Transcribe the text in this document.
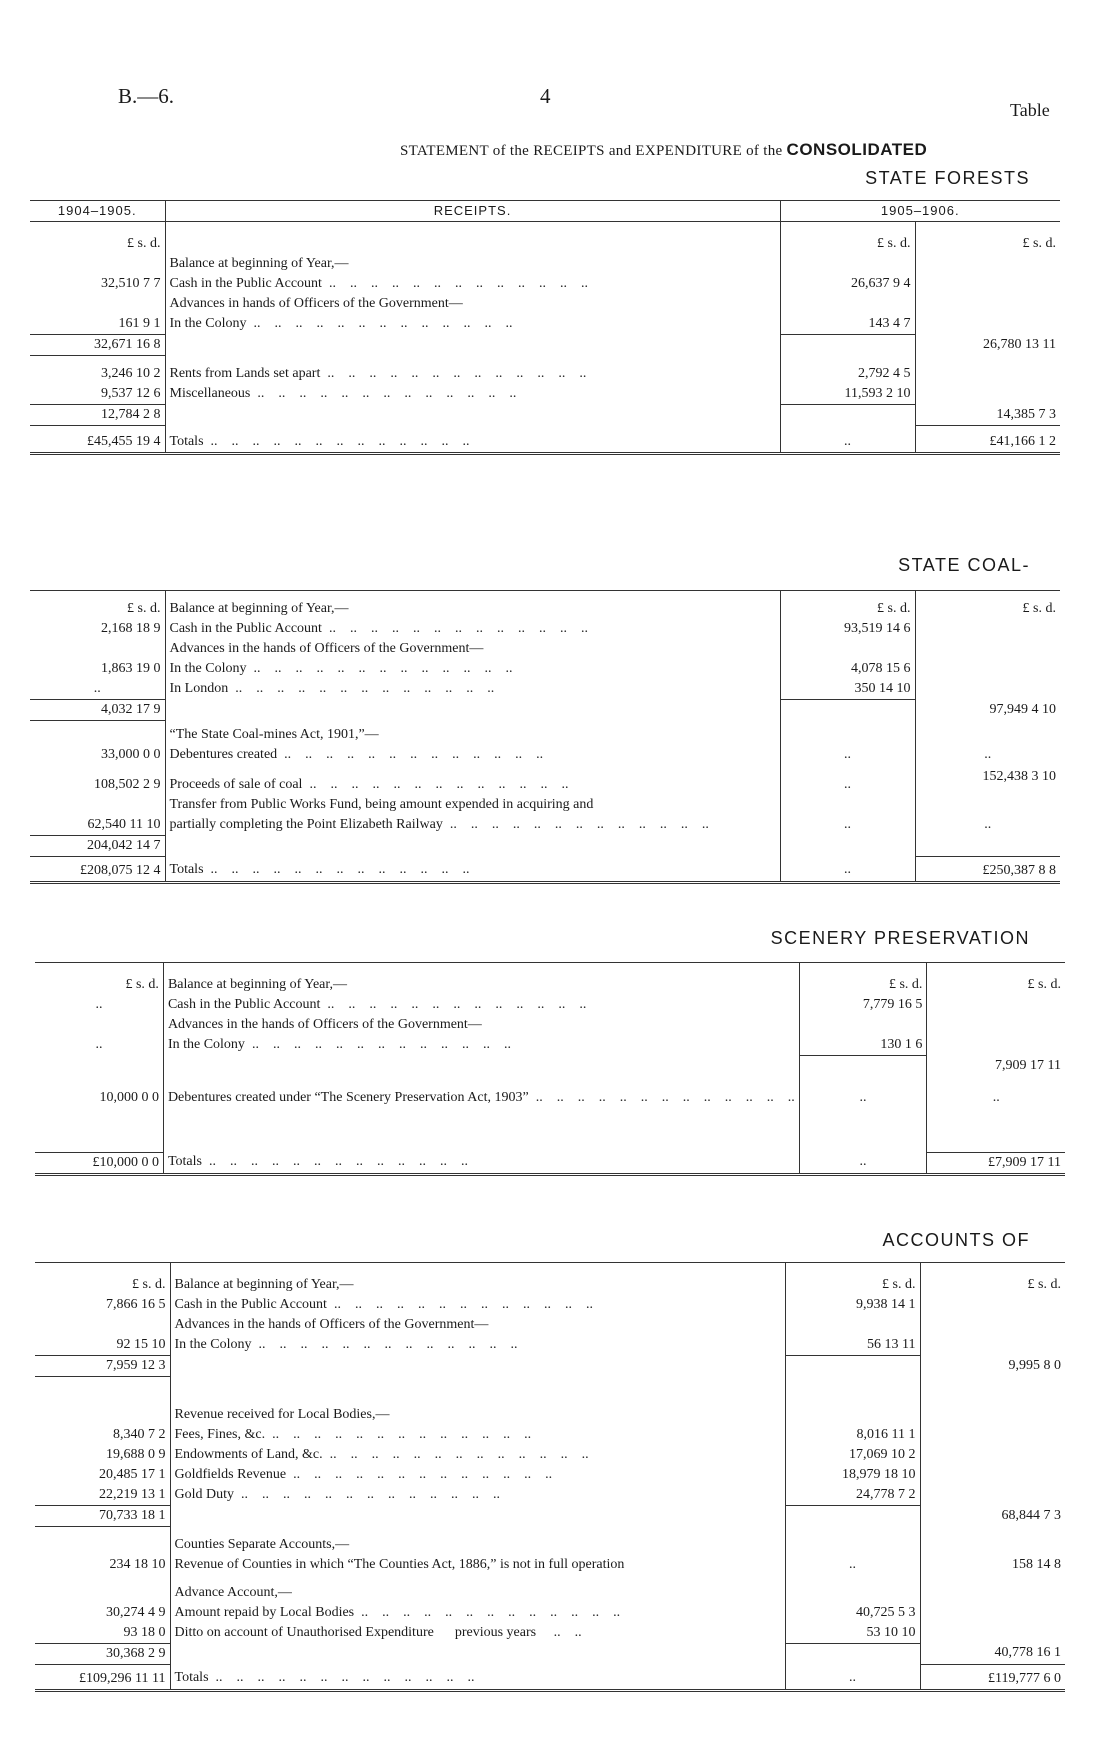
B.—6.	4
Table
STATEMENT of the RECEIPTS and EXPENDITURE of the CONSOLIDATED
STATE FORESTS
1904–1905.	RECEIPTS.	1905–1906.	
£ s. d.		£ s. d.	£ s. d.
	Balance at beginning of Year,—		
32,510 7 7	Cash in the Public Account ..	26,637 9 4	
	Advances in hands of Officers of the Government—		
161 9 1	In the Colony ..	143 4 7	
32,671 16 8			26,780 13 11
3,246 10 2	Rents from Lands set apart ..	2,792 4 5	
9,537 12 6	Miscellaneous ..	11,593 2 10	
12,784 2 8			14,385 7 3
£45,455 19 4	Totals ..	..	£41,166 1 2
STATE COAL-
£ s. d.	Balance at beginning of Year,—	£ s. d.	£ s. d.
2,168 18 9	Cash in the Public Account ..	93,519 14 6	
	Advances in the hands of Officers of the Government—		
1,863 19 0	In the Colony ..	4,078 15 6	
..	In London ..	350 14 10	
4,032 17 9			97,949 4 10
	“The State Coal-mines Act, 1901,”—		
33,000 0 0	Debentures created ..	..	..
108,502 2 9	Proceeds of sale of coal ..	..	152,438 3 10
	Transfer from Public Works Fund, being amount expended in acquiring and		
62,540 11 10	partially completing the Point Elizabeth Railway ..	..	..
204,042 14 7			
£208,075 12 4	Totals ..	..	£250,387 8 8
SCENERY PRESERVATION
£ s. d.	Balance at beginning of Year,—	£ s. d.	£ s. d.
..	Cash in the Public Account ..	7,779 16 5	
	Advances in the hands of Officers of the Government—		
..	In the Colony ..	130 1 6	
			7,909 17 11
10,000 0 0	Debentures created under “The Scenery Preservation Act, 1903” ..	..	..

£10,000 0 0	Totals ..	..	£7,909 17 11
ACCOUNTS OF
£ s. d.	Balance at beginning of Year,—	£ s. d.	£ s. d.
7,866 16 5	Cash in the Public Account ..	9,938 14 1	
	Advances in the hands of Officers of the Government—		
92 15 10	In the Colony ..	56 13 11	
7,959 12 3			9,995 8 0

	Revenue received for Local Bodies,—		
8,340 7 2	Fees, Fines, &c. ..	8,016 11 1	
19,688 0 9	Endowments of Land, &c. ..	17,069 10 2	
20,485 17 1	Goldfields Revenue ..	18,979 18 10	
22,219 13 1	Gold Duty ..	24,778 7 2	
70,733 18 1			68,844 7 3
	Counties Separate Accounts,—		
234 18 10	Revenue of Counties in which “The Counties Act, 1886,” is not in full operation	..	158 14 8
	Advance Account,—		
30,274 4 9	Amount repaid by Local Bodies ..	40,725 5 3	
93 18 0	Ditto on account of Unauthorised Expenditure previous years     ..    ..	53 10 10	
30,368 2 9			40,778 16 1
£109,296 11 11	Totals ..	..	£119,777 6 0
